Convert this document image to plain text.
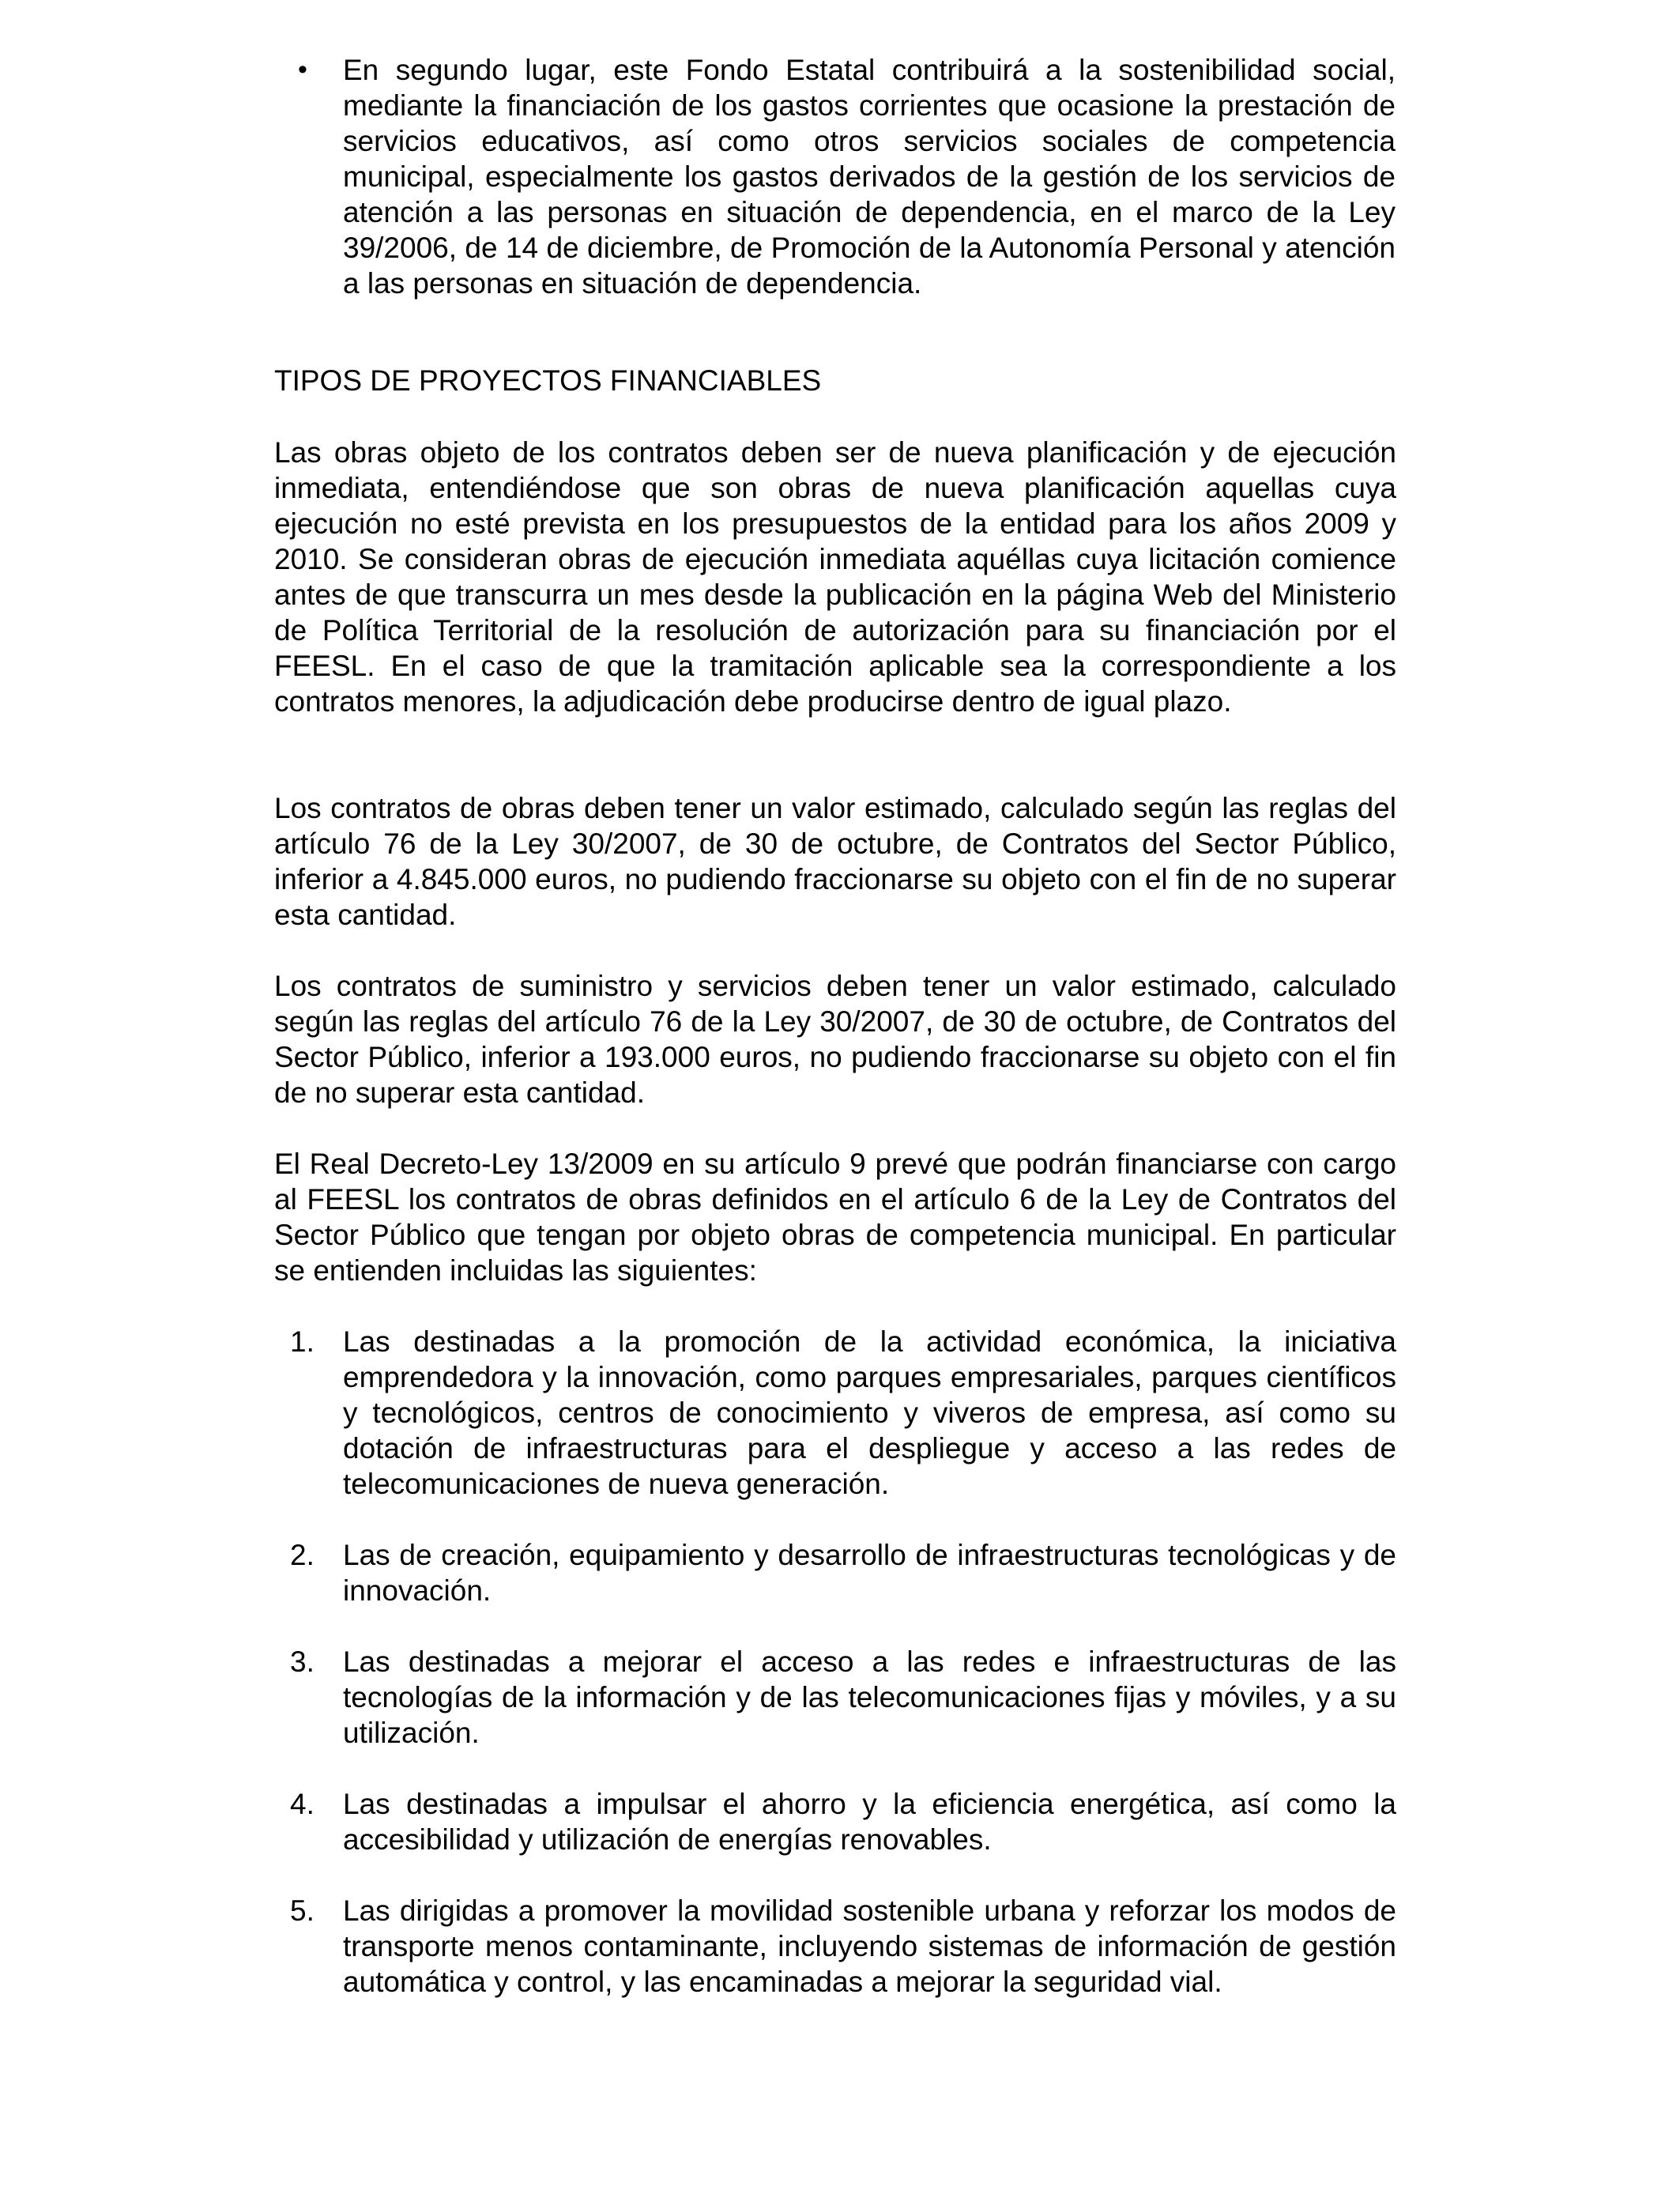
• En segundo lugar, este Fondo Estatal contribuirá a la sostenibilidad social, mediante la financiación de los gastos corrientes que ocasione la prestación de servicios educativos, así como otros servicios sociales de competencia municipal, especialmente los gastos derivados de la gestión de los servicios de atención a las personas en situación de dependencia, en el marco de la Ley 39/2006, de 14 de diciembre, de Promoción de la Autonomía Personal y atención a las personas en situación de dependencia.
TIPOS DE PROYECTOS FINANCIABLES
Las obras objeto de los contratos deben ser de nueva planificación y de ejecución inmediata, entendiéndose que son obras de nueva planificación aquellas cuya ejecución no esté prevista en los presupuestos de la entidad para los años 2009 y 2010. Se consideran obras de ejecución inmediata aquéllas cuya licitación comience antes de que transcurra un mes desde la publicación en la página Web del Ministerio de Política Territorial de la resolución de autorización para su financiación por el FEESL. En el caso de que la tramitación aplicable sea la correspondiente a los contratos menores, la adjudicación debe producirse dentro de igual plazo.
Los contratos de obras deben tener un valor estimado, calculado según las reglas del artículo 76 de la Ley 30/2007, de 30 de octubre, de Contratos del Sector Público, inferior a 4.845.000 euros, no pudiendo fraccionarse su objeto con el fin de no superar esta cantidad.
Los contratos de suministro y servicios deben tener un valor estimado, calculado según las reglas del artículo 76 de la Ley 30/2007, de 30 de octubre, de Contratos del Sector Público, inferior a 193.000 euros, no pudiendo fraccionarse su objeto con el fin de no superar esta cantidad.
El Real Decreto-Ley 13/2009 en su artículo 9 prevé que podrán financiarse con cargo al FEESL los contratos de obras definidos en el artículo 6 de la Ley de Contratos del Sector Público que tengan por objeto obras de competencia municipal. En particular se entienden incluidas las siguientes:
1. Las destinadas a la promoción de la actividad económica, la iniciativa emprendedora y la innovación, como parques empresariales, parques científicos y tecnológicos, centros de conocimiento y viveros de empresa, así como su dotación de infraestructuras para el despliegue y acceso a las redes de telecomunicaciones de nueva generación.
2. Las de creación, equipamiento y desarrollo de infraestructuras tecnológicas y de innovación.
3. Las destinadas a mejorar el acceso a las redes e infraestructuras de las tecnologías de la información y de las telecomunicaciones fijas y móviles, y a su utilización.
4. Las destinadas a impulsar el ahorro y la eficiencia energética, así como la accesibilidad y utilización de energías renovables.
5. Las dirigidas a promover la movilidad sostenible urbana y reforzar los modos de transporte menos contaminante, incluyendo sistemas de información de gestión automática y control, y las encaminadas a mejorar la seguridad vial.
